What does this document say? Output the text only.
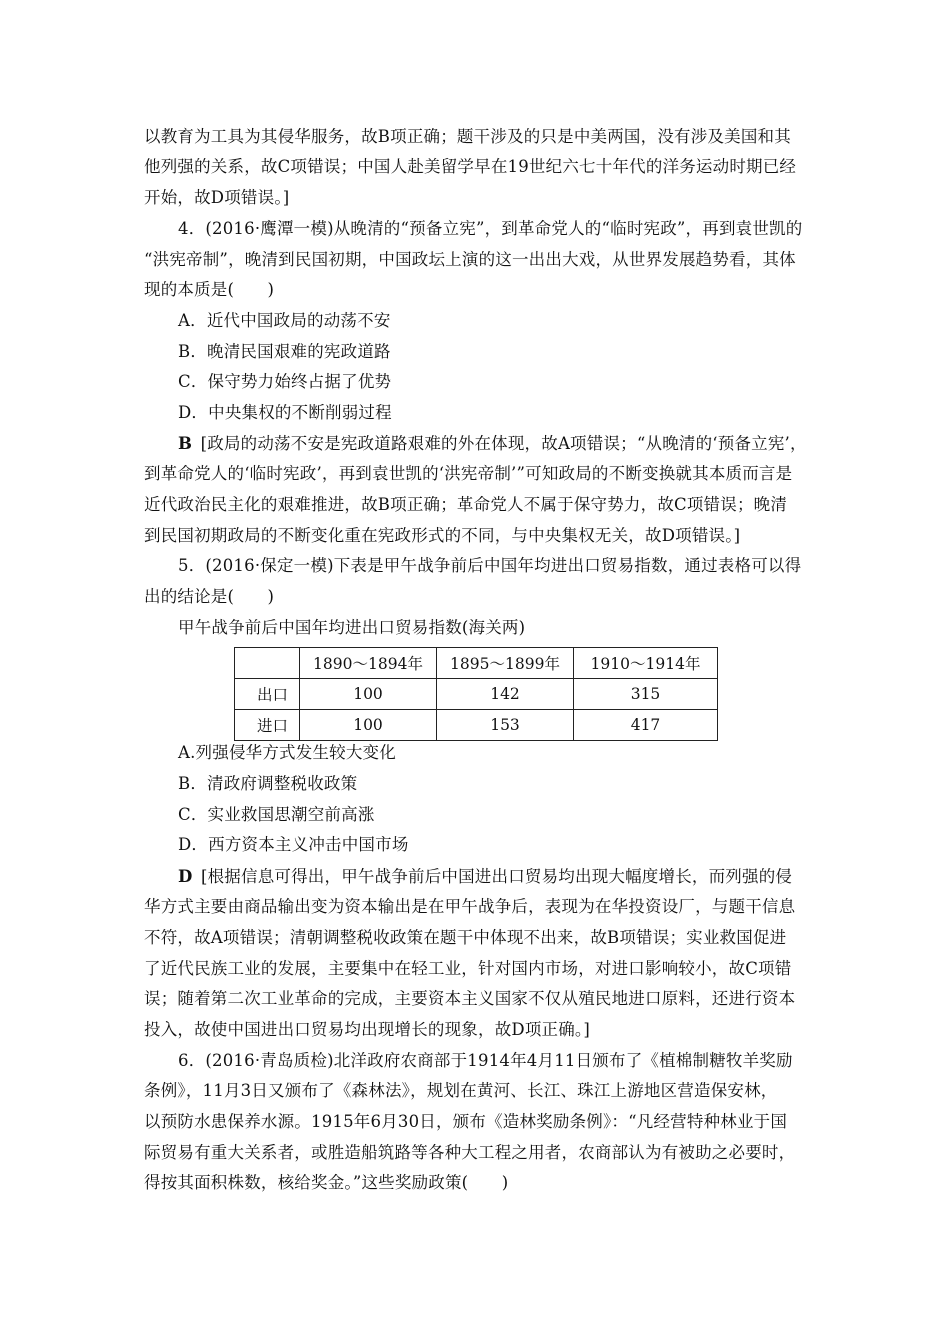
以教育为工具为其侵华服务，故B项正确；题干涉及的只是中美两国，没有涉及美国和其
他列强的关系，故C项错误；中国人赴美留学早在19世纪六七十年代的洋务运动时期已经
开始，故D项错误。]
4．(2016·鹰潭一模)从晚清的“预备立宪”，到革命党人的“临时宪政”，再到袁世凯的
“洪宪帝制”，晚清到民国初期，中国政坛上演的这一出出大戏，从世界发展趋势看，其体
现的本质是(　　)
A．近代中国政局的动荡不安
B．晚清民国艰难的宪政道路
C．保守势力始终占据了优势
D．中央集权的不断削弱过程
B  [政局的动荡不安是宪政道路艰难的外在体现，故A项错误；“从晚清的‘预备立宪’，
到革命党人的‘临时宪政’，再到袁世凯的‘洪宪帝制’”可知政局的不断变换就其本质而言是
近代政治民主化的艰难推进，故B项正确；革命党人不属于保守势力，故C项错误；晚清
到民国初期政局的不断变化重在宪政形式的不同，与中央集权无关，故D项错误。]
5．(2016·保定一模)下表是甲午战争前后中国年均进出口贸易指数，通过表格可以得
出的结论是(　　)
甲午战争前后中国年均进出口贸易指数(海关两)
	1890～1894年	1895～1899年	1910～1914年
出口	100	142	315
进口	100	153	417
A.列强侵华方式发生较大变化
B．清政府调整税收政策
C．实业救国思潮空前高涨
D．西方资本主义冲击中国市场
D  [根据信息可得出，甲午战争前后中国进出口贸易均出现大幅度增长，而列强的侵
华方式主要由商品输出变为资本输出是在甲午战争后，表现为在华投资设厂，与题干信息
不符，故A项错误；清朝调整税收政策在题干中体现不出来，故B项错误；实业救国促进
了近代民族工业的发展，主要集中在轻工业，针对国内市场，对进口影响较小，故C项错
误；随着第二次工业革命的完成，主要资本主义国家不仅从殖民地进口原料，还进行资本
投入，故使中国进出口贸易均出现增长的现象，故D项正确。]
6．(2016·青岛质检)北洋政府农商部于1914年4月11日颁布了《植棉制糖牧羊奖励
条例》，11月3日又颁布了《森林法》，规划在黄河、长江、珠江上游地区营造保安林，
以预防水患保养水源。1915年6月30日，颁布《造林奖励条例》：“凡经营特种林业于国
际贸易有重大关系者，或胜造船筑路等各种大工程之用者，农商部认为有被助之必要时，
得按其面积株数，核给奖金。”这些奖励政策(　　)
